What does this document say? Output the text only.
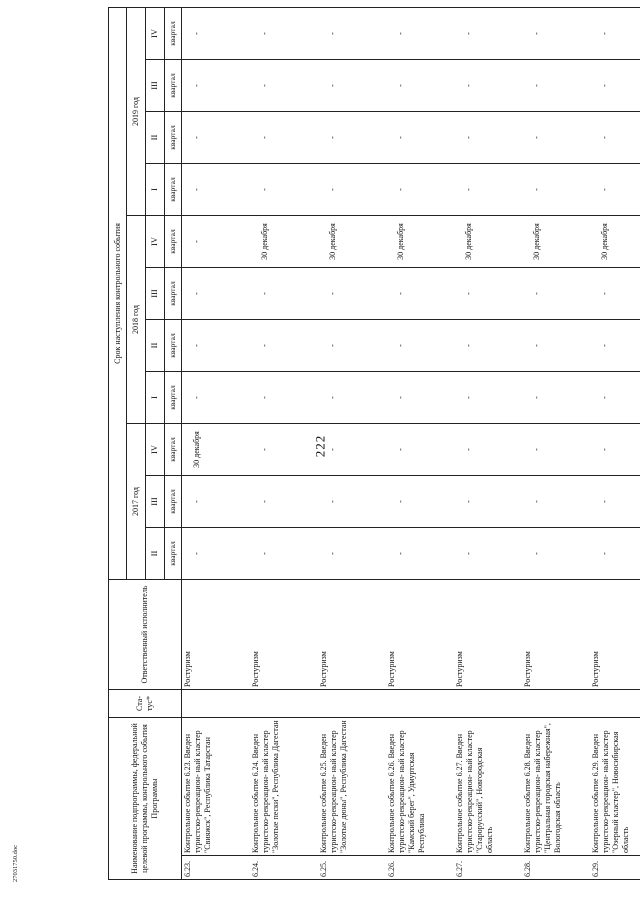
222
27031750.doc	Наименование подпрограммы, федеральной целевой программы, контрольного события Программы		Ста- тус*	Ответственный исполнитель	Срок наступления контрольного события										
				2017 год			2018 год				2019 год			
				II	III	IV	I	II	III	IV	I	II	III	IV
				квартал	квартал	квартал	квартал	квартал	квартал	квартал	квартал	квартал	квартал	квартал
6.23.	Контрольное событие 6.23. Введен туристско-рекреацион- ный кластер "Свияжск", Республика Татарстан		Ростуризм	-	-	30 декабря	-	-	-	-	-	-	-	-
6.24.	Контрольное событие 6.24. Введен туристско-рекреацион- ный кластер "Золотые пески", Республика Дагестан		Ростуризм	-	-	-	-	-	-	30 декабря	-	-	-	-
6.25.	Контрольное событие 6.25. Введен туристско-рекреацион- ный кластер "Золотые дюны", Республика Дагестан		Ростуризм	-	-	-	-	-	-	30 декабря	-	-	-	-
6.26.	Контрольное событие 6.26. Введен туристско-рекреацион- ный кластер "Камский берег", Удмуртская Республика		Ростуризм	-	-	-	-	-	-	30 декабря	-	-	-	-
6.27.	Контрольное событие 6.27. Введен туристско-рекреацион- ный кластер "Старорусский", Новгородская область		Ростуризм	-	-	-	-	-	-	30 декабря	-	-	-	-
6.28.	Контрольное событие 6.28. Введен туристско-рекреацион- ный кластер "Центральная городская набережная", Вологодская область		Ростуризм	-	-	-	-	-	-	30 декабря	-	-	-	-
6.29.	Контрольное событие 6.29. Введен туристско-рекреацион- ный кластер "Озерный кластер", Новосибирская область		Ростуризм	-	-	-	-	-	-	30 декабря	-	-	-	-
